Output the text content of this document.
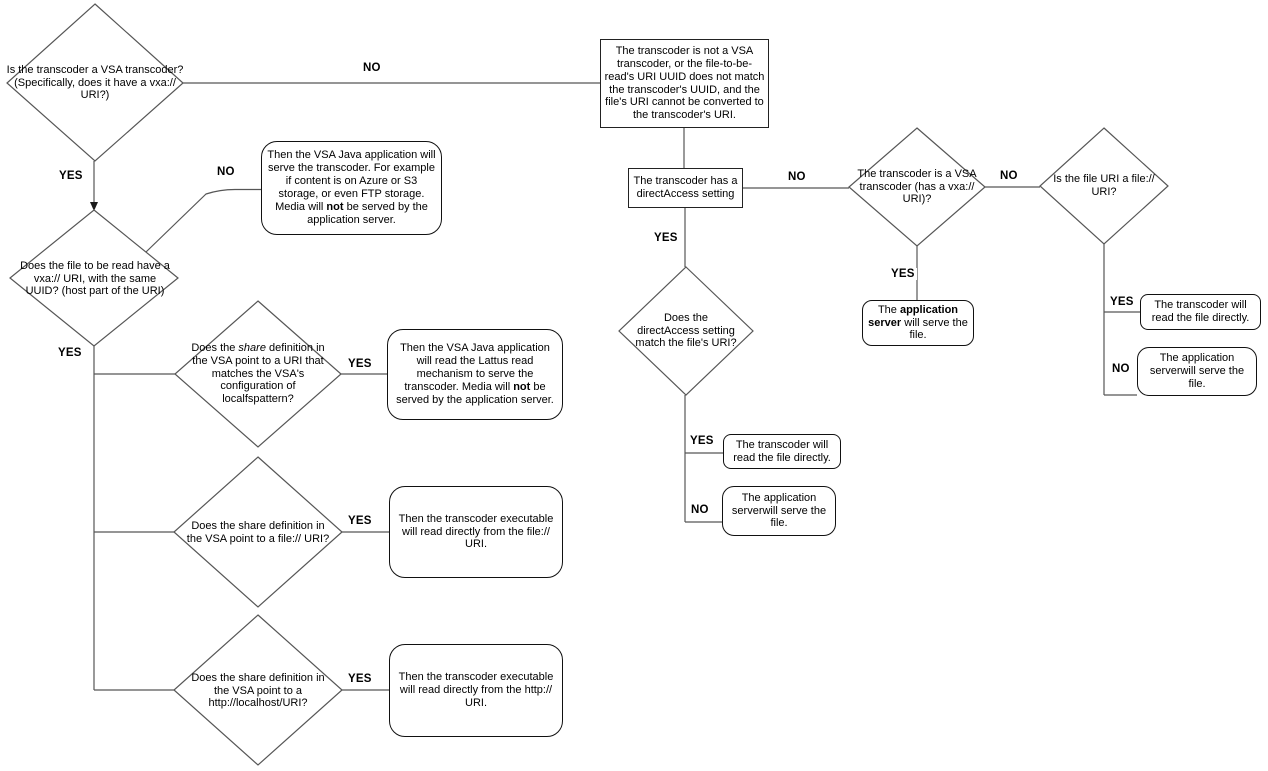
Is the transcoder a VSA transcoder? (Specifically, does it have a vxa:// URI?)
Does the file to be read have a vxa:// URI, with the same UUID? (host part of the URI)
Does the share definition in the VSA point to a URI that matches the VSA's configuration of localfspattern?
Does the share definition in the VSA point to a file:// URI?
Does the share definition in the VSA point to a http://localhost/URI?
Does the directAccess setting match the file's URI?
The transcoder is a VSA transcoder (has a vxa:// URI)?
Is the file URI a file:// URI?
The transcoder is not a VSA transcoder, or the file-to-be-read's URI UUID does not match the transcoder's UUID, and the file's URI cannot be converted to the transcoder's URI.
The transcoder has a directAccess setting
Then the VSA Java application will serve the transcoder. For example if content is on Azure or S3 storage, or even FTP storage. Media will not be served by the application server.
Then the VSA Java application will read the Lattus read mechanism to serve the transcoder. Media will not be served by the application server.
Then the transcoder executable will read directly from the file:// URI.
Then the transcoder executable will read directly from the http:// URI.
The transcoder will read the file directly.
The application serverwill serve the file.
The application server will serve the file.
The transcoder will read the file directly.
The application serverwill serve the file.
NO
YES	NO
YES
YES
YES
YES
NO
YES
YES
NO
YES
NO
YES
NO
